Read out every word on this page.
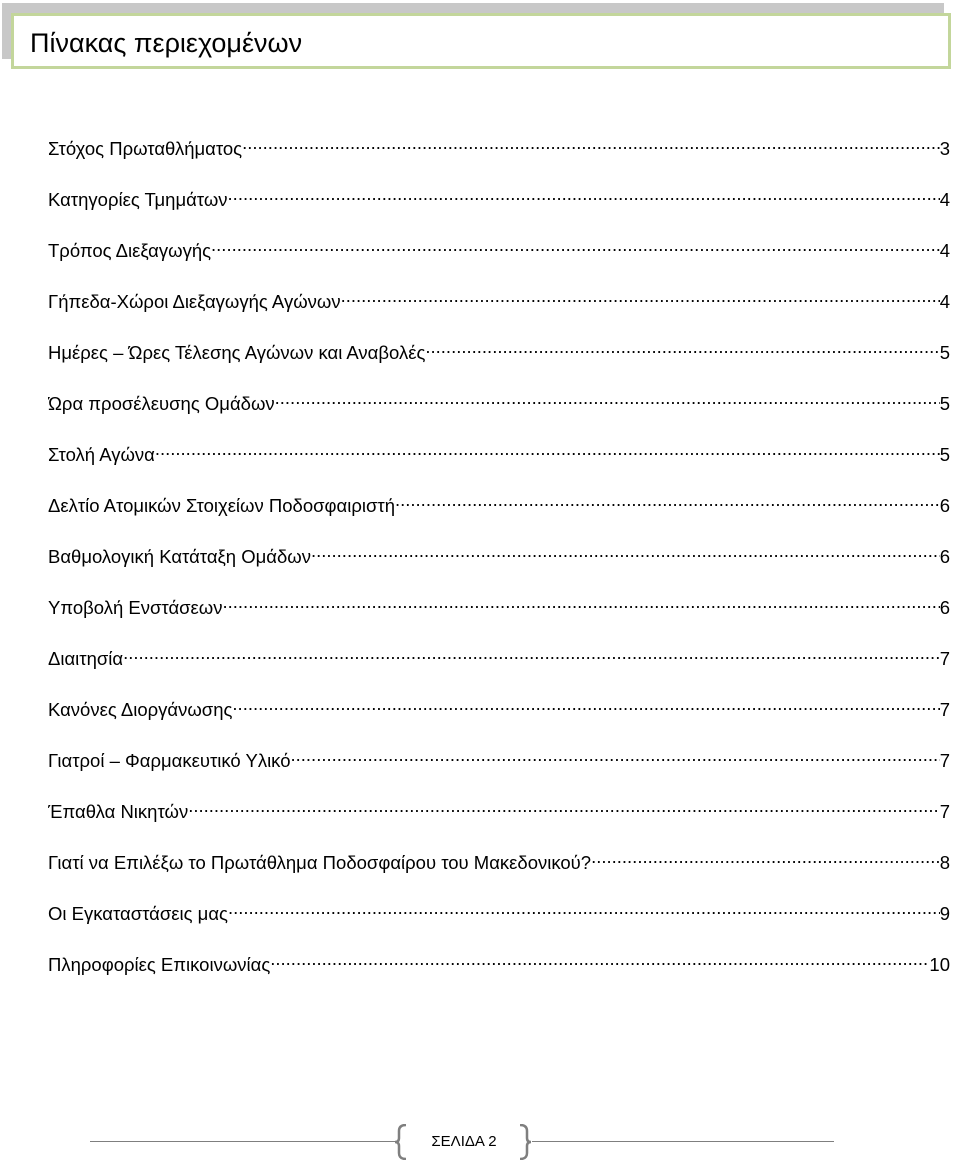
Πίνακας περιεχομένων
Στόχος Πρωταθλήματος .....	3
Κατηγορίες Τμημάτων .....	4
Τρόπος Διεξαγωγής .....	4
Γήπεδα-Χώροι Διεξαγωγής Αγώνων .....	4
Ημέρες – Ώρες Τέλεσης Αγώνων και Αναβολές .....	5
Ώρα προσέλευσης Ομάδων .....	5
Στολή Αγώνα .....	5
Δελτίο Ατομικών Στοιχείων Ποδοσφαιριστή .....	6
Βαθμολογική Κατάταξη Ομάδων .....	6
Υποβολή Ενστάσεων .....	6
Διαιτησία .....	7
Κανόνες Διοργάνωσης .....	7
Γιατροί – Φαρμακευτικό Υλικό .....	7
Έπαθλα Νικητών .....	7
Γιατί να Επιλέξω το Πρωτάθλημα Ποδοσφαίρου του Μακεδονικού? .....	8
Οι Εγκαταστάσεις μας .....	9
Πληροφορίες Επικοινωνίας .....	10
ΣΕΛΙΔΑ 2
